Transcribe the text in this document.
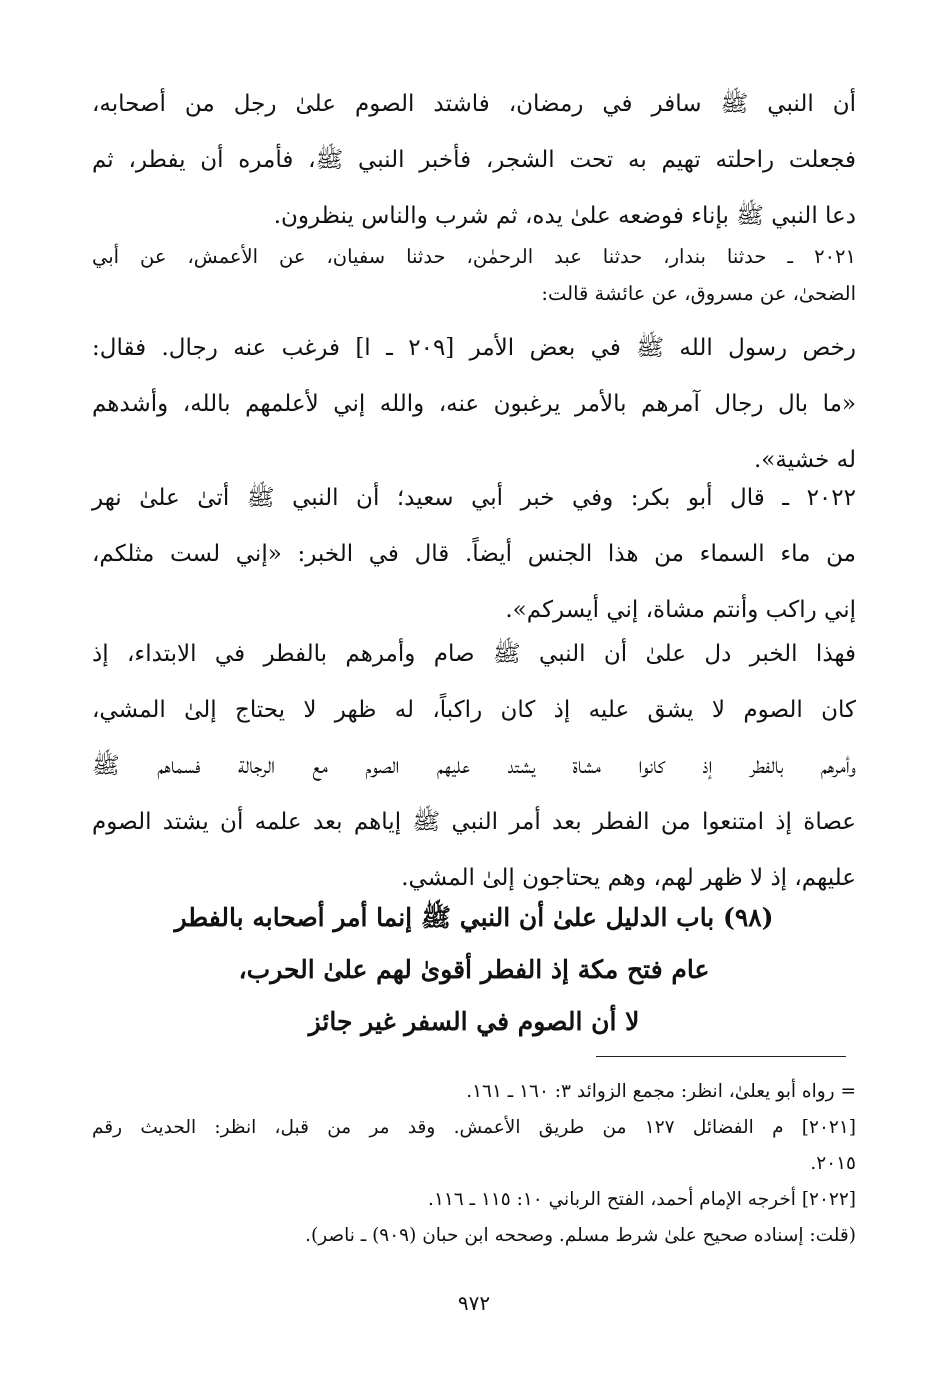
أن النبي ﷺ سافر في رمضان، فاشتد الصوم علىٰ رجل من أصحابه،
فجعلت راحلته تهيم به تحت الشجر، فأخبر النبي ﷺ، فأمره أن يفطر، ثم
دعا النبي ﷺ بإناء فوضعه علىٰ يده، ثم شرب والناس ينظرون.
٢٠٢١ ـ حدثنا بندار، حدثنا عبد الرحمٰن، حدثنا سفيان، عن الأعمش، عن أبي
الضحىٰ، عن مسروق، عن عائشة قالت:
رخص رسول الله ﷺ في بعض الأمر [٢٠٩ ـ ا] فرغب عنه رجال. فقال:
«ما بال رجال آمرهم بالأمر يرغبون عنه، والله إني لأعلمهم بالله، وأشدهم
له خشية».
٢٠٢٢ ـ قال أبو بكر: وفي خبر أبي سعيد؛ أن النبي ﷺ أتىٰ علىٰ نهر
من ماء السماء من هذا الجنس أيضاً. قال في الخبر: «إني لست مثلكم،
إني راكب وأنتم مشاة، إني أيسركم».
فهذا الخبر دل علىٰ أن النبي ﷺ صام وأمرهم بالفطر في الابتداء، إذ
كان الصوم لا يشق عليه إذ كان راكباً، له ظهر لا يحتاج إلىٰ المشي،
وأمرهم بالفطر إذ كانوا مشاة يشتد عليهم الصوم مع الرجالة فسماهم ﷺ
عصاة إذ امتنعوا من الفطر بعد أمر النبي ﷺ إياهم بعد علمه أن يشتد الصوم
عليهم، إذ لا ظهر لهم، وهم يحتاجون إلىٰ المشي.
(٩٨) باب الدليل علىٰ أن النبي ﷺ إنما أمر أصحابه بالفطر
عام فتح مكة إذ الفطر أقوىٰ لهم علىٰ الحرب،
لا أن الصوم في السفر غير جائز
= رواه أبو يعلىٰ، انظر: مجمع الزوائد ٣: ١٦٠ ـ ١٦١.
[٢٠٢١] م الفضائل ١٢٧ من طريق الأعمش. وقد مر من قبل، انظر: الحديث رقم
٢٠١٥.
[٢٠٢٢] أخرجه الإمام أحمد، الفتح الرباني ١٠: ١١٥ ـ ١١٦.
(قلت: إسناده صحيح علىٰ شرط مسلم. وصححه ابن حبان (٩٠٩) ـ ناصر).
٩٧٢
